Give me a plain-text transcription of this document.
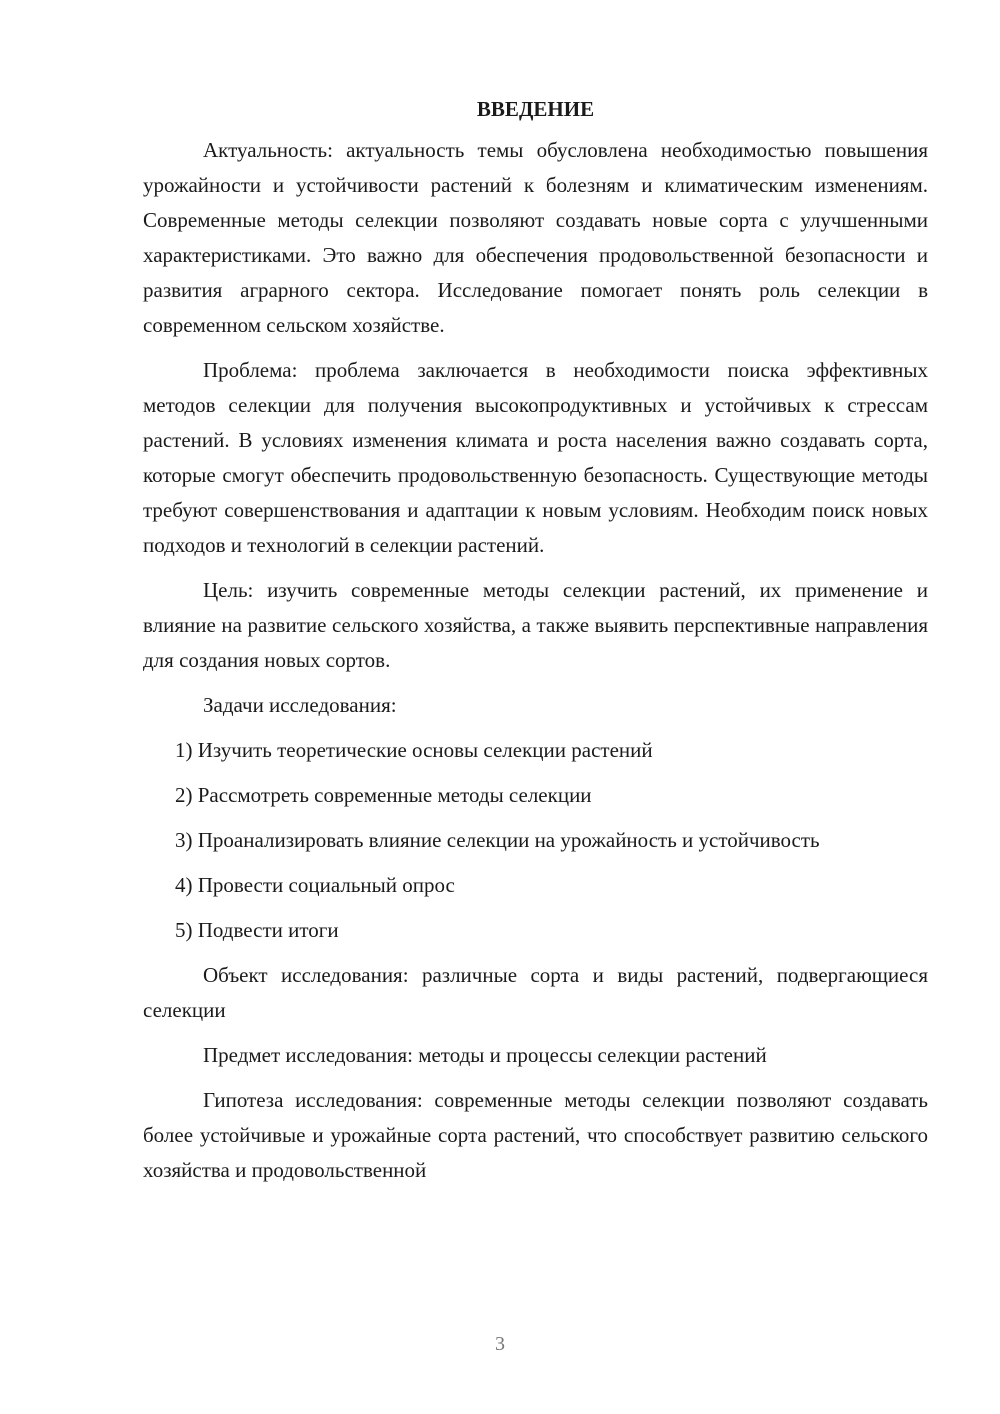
ВВЕДЕНИЕ

Актуальность: актуальность темы обусловлена необходимостью повышения урожайности и устойчивости растений к болезням и климатическим изменениям. Современные методы селекции позволяют создавать новые сорта с улучшенными характеристиками. Это важно для обеспечения продовольственной безопасности и развития аграрного сектора. Исследование помогает понять роль селекции в современном сельском хозяйстве.

Проблема: проблема заключается в необходимости поиска эффективных методов селекции для получения высокопродуктивных и устойчивых к стрессам растений. В условиях изменения климата и роста населения важно создавать сорта, которые смогут обеспечить продовольственную безопасность. Существующие методы требуют совершенствования и адаптации к новым условиям. Необходим поиск новых подходов и технологий в селекции растений.

Цель: изучить современные методы селекции растений, их применение и влияние на развитие сельского хозяйства, а также выявить перспективные направления для создания новых сортов.

Задачи исследования:

1) Изучить теоретические основы селекции растений

2) Рассмотреть современные методы селекции

3) Проанализировать влияние селекции на урожайность и устойчивость

4) Провести социальный опрос

5) Подвести итоги

Объект исследования: различные сорта и виды растений, подвергающиеся селекции

Предмет исследования: методы и процессы селекции растений

Гипотеза исследования: современные методы селекции позволяют создавать более устойчивые и урожайные сорта растений, что способствует развитию сельского хозяйства и продовольственной

3
